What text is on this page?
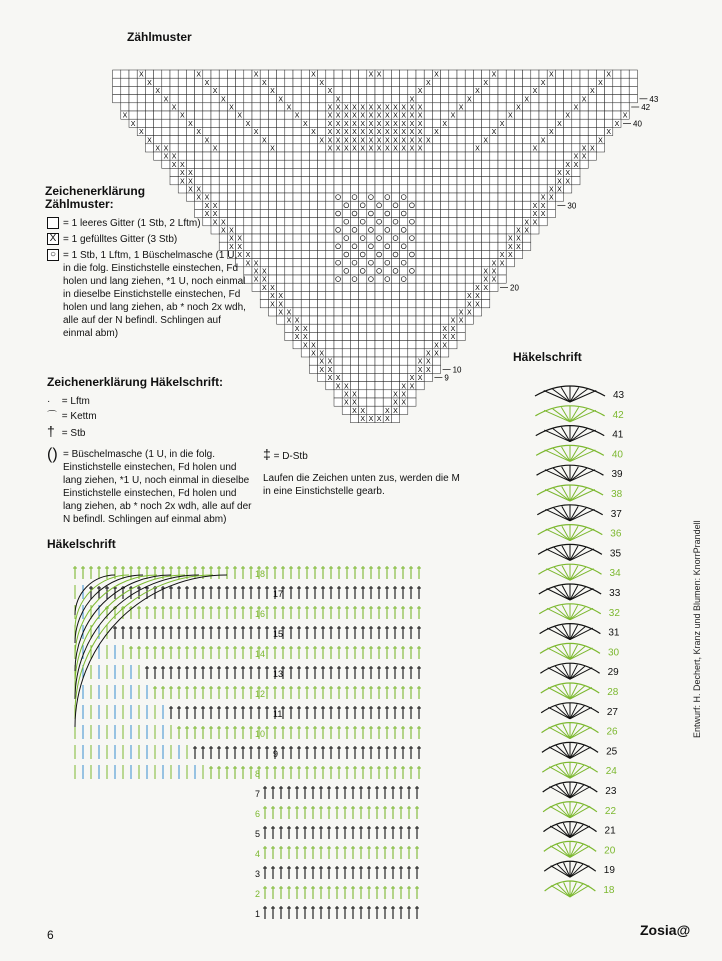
Zählmuster
X	X	X	X	X X	X	X	X	X
X	X	X	X	X	X	X	X
X	X	X	X	X	X	X	X
X	X	X	X	X	X	X	X
X	X	X	X X X X X X X X X X X X	X	X	X
X	X	X	X	X X X X X X X X X X X X	X	X	X	X
X	X	X	X	X X X X X X X X X X X X	X	X	X	X
X	X	X	X X X X X X X X X X X X X X	X	X	X
X	X	X	X X X X X X X X X X X X X X	X	X	X
X X	X	X	X X X X X X X X X X X X	X	X	X X
X X	X X
X X	X X
X X	X X
X X	X X
X X	X X
X X	X X
X X	X X
X X	X X
X X	X X
X X	X X
X X	X X
X X	X X
X X	X X
X X	X X
X X	X X
X X	X X
X X	X X
X X	X X
X X	X X
X X	X X
X X	X X
X X	X X
X X	X X
X X	X X
X X	X X
X X	X X
X X	X X
X X	X X
X X	X X
X X	X X
X X	X X
X X	X X
X X X X
43
42
40
30
20
10
9
Zeichenerklärung
Zählmuster:
= 1 leeres Gitter (1 Stb, 2 Lftm)
X = 1 gefülltes Gitter (3 Stb)
○ = 1 Stb, 1 Lftm, 1 Büschelmasche (1 U, in die folg. Einstichstelle einstechen, Fd holen und lang ziehen, *1 U, noch einmal in dieselbe Einstichstelle einstechen, Fd holen und lang ziehen, ab * noch 2x wdh, alle auf der N befindl. Schlingen auf einmal abm)
Zeichenerklärung Häkelschrift:
· = Lftm
⌒ = Kettm
† = Stb
() = Büschelmasche (1 U, in die folg. Einstichstelle einstechen, Fd holen und lang ziehen, *1 U, noch einmal in dieselbe Einstichstelle einstechen, Fd holen und lang ziehen, ab * noch 2x wdh, alle auf der N befindl. Schlingen auf einmal abm)
‡ = D-Stb
Laufen die Zeichen unten zus, werden die M in eine Einstichstelle gearb.
Häkelschrift
Häkelschrift
18
17
16
15
14
13
12
11
10
9
8
7
6
5
4
3
2
1
43
42
41
40
39
38
37
36
35
34
33
32
31
30
29
28
27
26
25
24
23
22
21
20
19
18
Entwurf: H. Dechert, Kranz und Blumen: KnorrPrandell
6	Zosia@
